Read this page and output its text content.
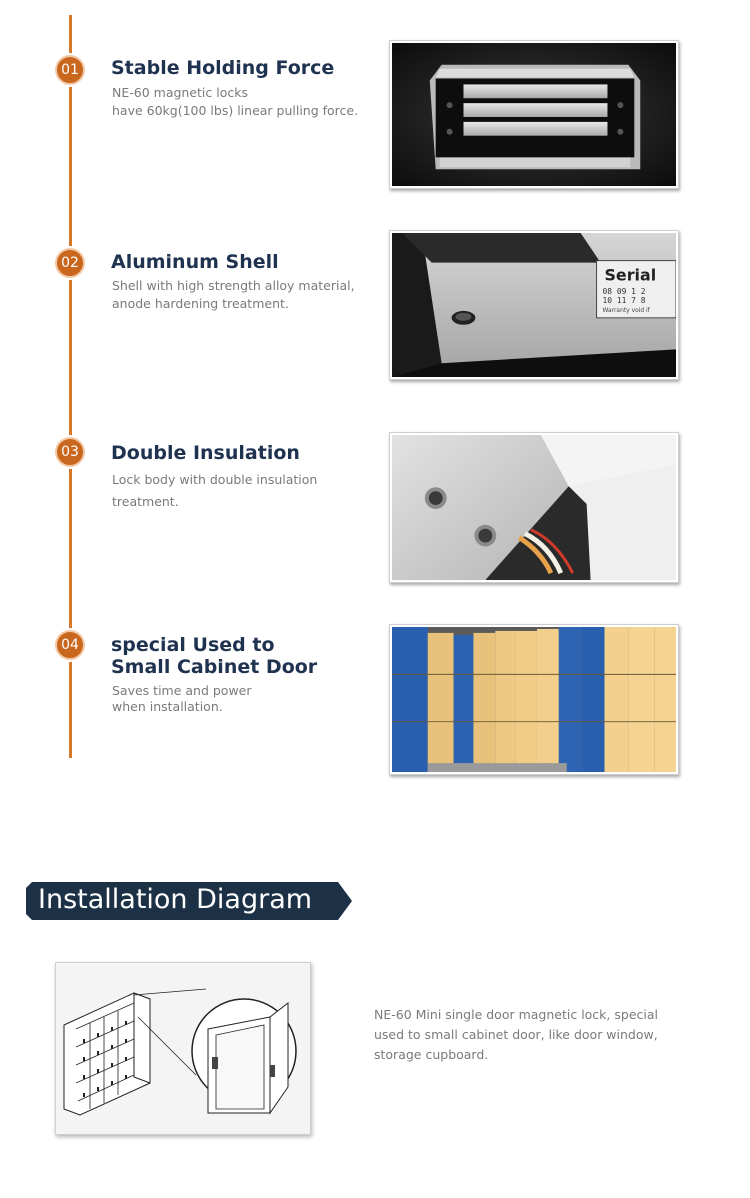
01	Stable Holding Force
NE-60 magnetic locks
have 60kg(100 lbs) linear pulling force.
02	Aluminum Shell
Shell with high strength alloy material,
anode hardening treatment.
Serial
08 09 1 2
10 11 7 8
Warranty void if
03	Double Insulation
Lock body with double insulation
treatment.
04	special Used to
Small Cabinet Door
Saves time and power
when installation.
Installation Diagram
NE-60 Mini single door magnetic lock, special used to small cabinet door, like door window, storage cupboard.
